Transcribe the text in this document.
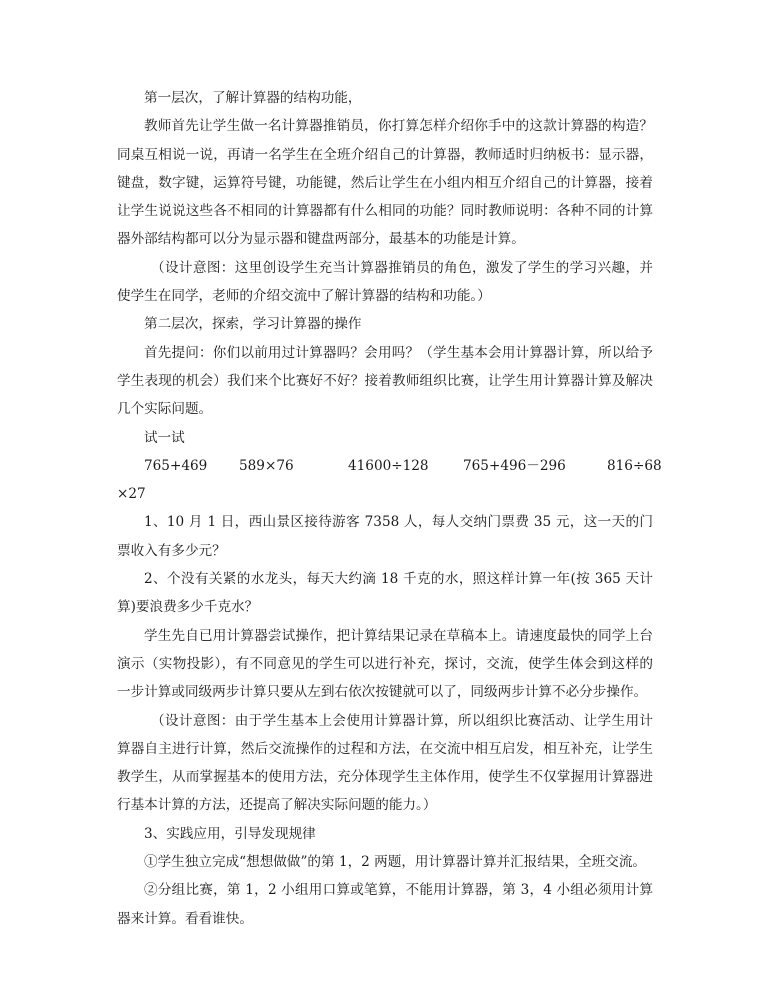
第一层次，了解计算器的结构功能，

教师首先让学生做一名计算器推销员，你打算怎样介绍你手中的这款计算器的构造？同桌互相说一说，再请一名学生在全班介绍自己的计算器，教师适时归纳板书：显示器，键盘，数字键，运算符号键，功能键，然后让学生在小组内相互介绍自己的计算器，接着让学生说说这些各不相同的计算器都有什么相同的功能？同时教师说明：各种不同的计算器外部结构都可以分为显示器和键盘两部分，最基本的功能是计算。

（设计意图：这里创设学生充当计算器推销员的角色，激发了学生的学习兴趣，并使学生在同学，老师的介绍交流中了解计算器的结构和功能。）

第二层次，探索，学习计算器的操作

首先提问：你们以前用过计算器吗？会用吗？（学生基本会用计算器计算，所以给予学生表现的机会）我们来个比赛好不好？接着教师组织比赛，让学生用计算器计算及解决几个实际问题。

试一试

765+469 589×76	41600÷128	765+496－296	816÷68

×27

1、10 月 1 日，西山景区接待游客 7358 人，每人交纳门票费 35 元，这一天的门票收入有多少元？

2、个没有关紧的水龙头，每天大约滴 18 千克的水，照这样计算一年(按 365 天计算)要浪费多少千克水？

学生先自已用计算器尝试操作，把计算结果记录在草稿本上。请速度最快的同学上台演示（实物投影），有不同意见的学生可以进行补充，探讨，交流，使学生体会到这样的一步计算或同级两步计算只要从左到右依次按键就可以了，同级两步计算不必分步操作。

（设计意图：由于学生基本上会使用计算器计算，所以组织比赛活动、让学生用计算器自主进行计算，然后交流操作的过程和方法，在交流中相互启发，相互补充，让学生教学生，从而掌握基本的使用方法，充分体现学生主体作用，使学生不仅掌握用计算器进行基本计算的方法，还提高了解决实际问题的能力。）

3、实践应用，引导发现规律

①学生独立完成“想想做做”的第 1，2 两题，用计算器计算并汇报结果，全班交流。

②分组比赛，第 1，2 小组用口算或笔算，不能用计算器，第 3，4 小组必须用计算器来计算。看看谁快。
